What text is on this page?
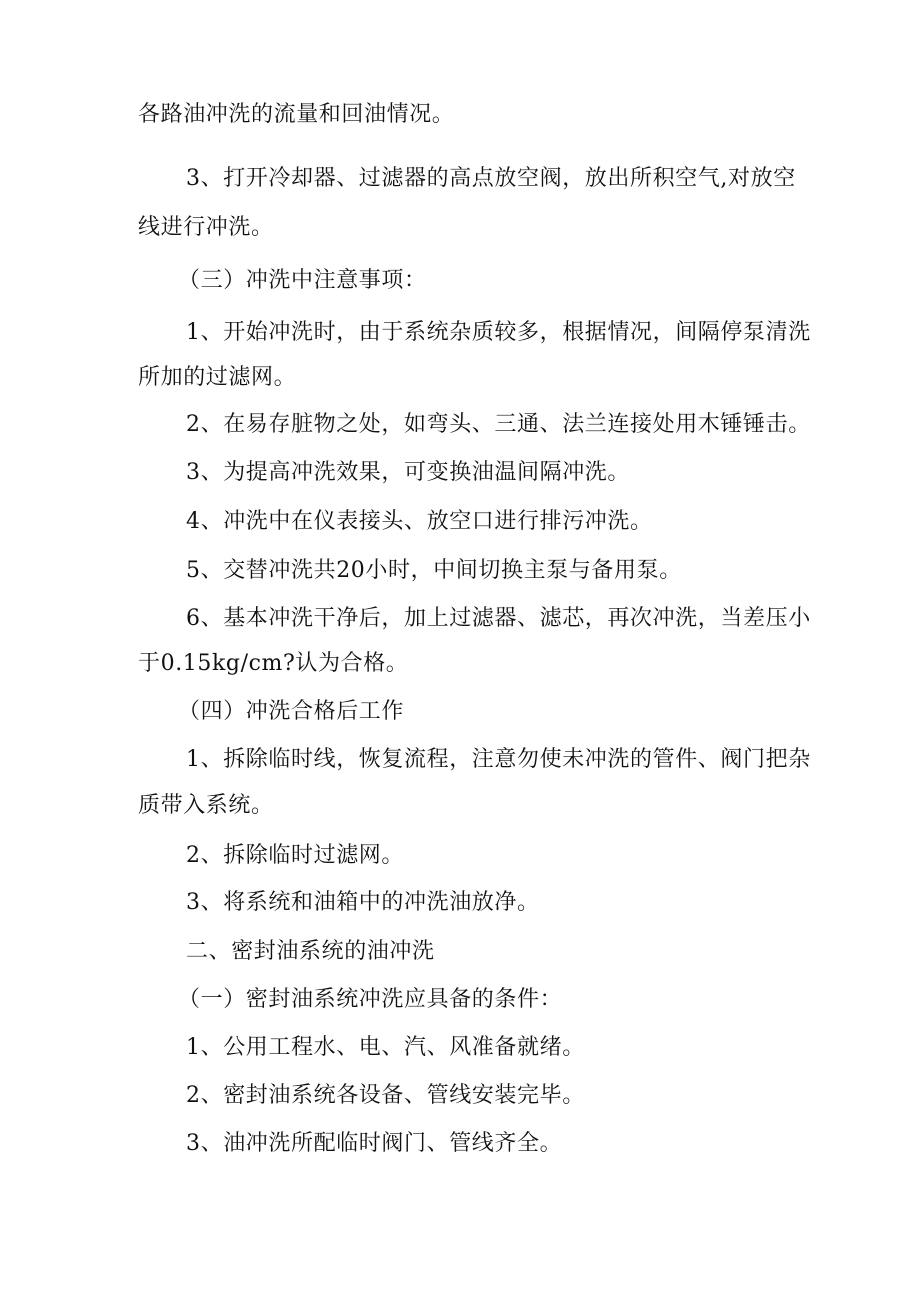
各路油冲洗的流量和回油情况。
3、打开冷却器、过滤器的高点放空阀，放出所积空气,对放空
线进行冲洗。
（三）冲洗中注意事项：
1、开始冲洗时，由于系统杂质较多，根据情况，间隔停泵清洗
所加的过滤网。
2、在易存脏物之处，如弯头、三通、法兰连接处用木锤锤击。
3、为提高冲洗效果，可变换油温间隔冲洗。
4、冲洗中在仪表接头、放空口进行排污冲洗。
5、交替冲洗共20小时，中间切换主泵与备用泵。
6、基本冲洗干净后，加上过滤器、滤芯，再次冲洗，当差压小
于0.15kg/cm?认为合格。
（四）冲洗合格后工作
1、拆除临时线，恢复流程，注意勿使未冲洗的管件、阀门把杂
质带入系统。
2、拆除临时过滤网。
3、将系统和油箱中的冲洗油放净。
二、密封油系统的油冲洗
（一）密封油系统冲洗应具备的条件：
1、公用工程水、电、汽、风准备就绪。
2、密封油系统各设备、管线安装完毕。
3、油冲洗所配临时阀门、管线齐全。
